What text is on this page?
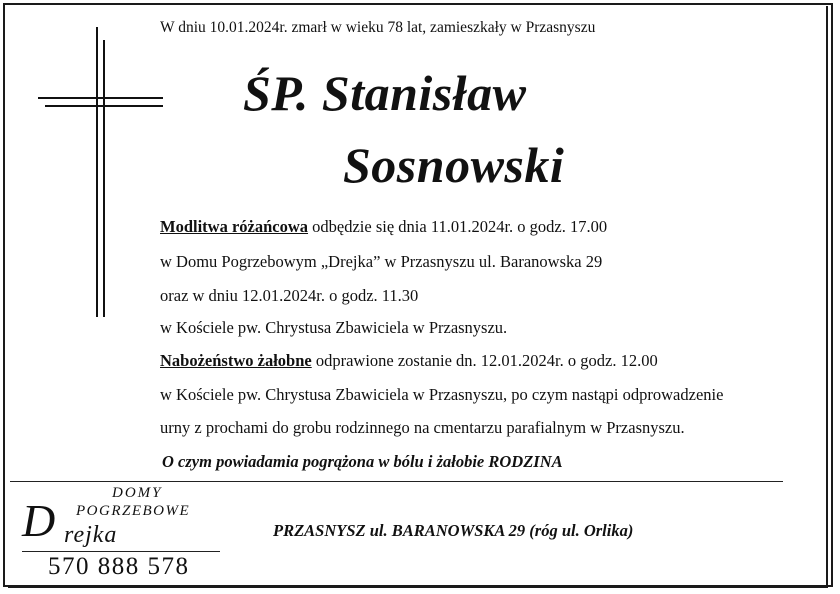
W dniu 10.01.2024r. zmarł w wieku 78 lat, zamieszkały w Przasnyszu
ŚP. Stanisław
Sosnowski
Modlitwa różańcowa odbędzie się dnia 11.01.2024r. o godz. 17.00
w Domu Pogrzebowym „Drejka” w Przasnyszu ul. Baranowska 29
oraz w dniu 12.01.2024r. o godz. 11.30
w Kościele pw. Chrystusa Zbawiciela w Przasnyszu.
Nabożeństwo żałobne odprawione zostanie dn. 12.01.2024r. o godz. 12.00
w Kościele pw. Chrystusa Zbawiciela w Przasnyszu, po czym nastąpi odprowadzenie
urny z prochami do grobu rodzinnego na cmentarzu parafialnym w Przasnyszu.
O czym powiadamia pogrążona w bólu i żałobie RODZINA
DOMY
POGRZEBOWE
D rejka
570 888 578
PRZASNYSZ ul. BARANOWSKA 29 (róg ul. Orlika)
